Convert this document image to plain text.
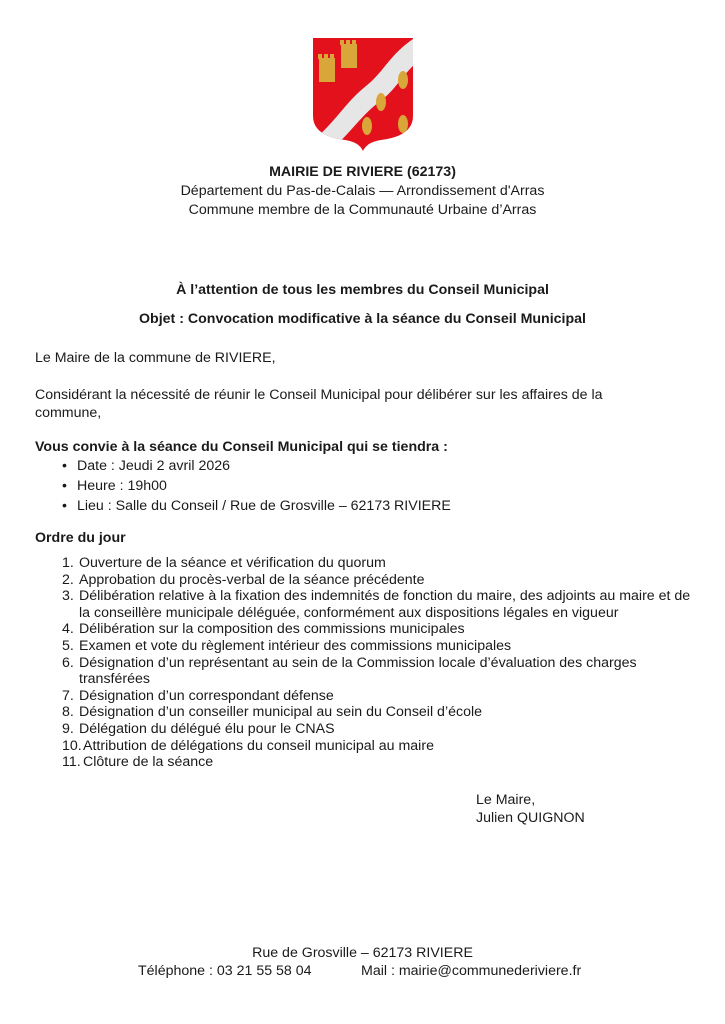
MAIRIE DE RIVIERE (62173)
Département du Pas-de-Calais — Arrondissement d'Arras
Commune membre de la Communauté Urbaine d’Arras
À l’attention de tous les membres du Conseil Municipal
Objet : Convocation modificative à la séance du Conseil Municipal
Le Maire de la commune de RIVIERE,
Considérant la nécessité de réunir le Conseil Municipal pour délibérer sur les affaires de la commune,
Vous convie à la séance du Conseil Municipal qui se tiendra :
• Date : Jeudi 2 avril 2026
• Heure : 19h00
• Lieu : Salle du Conseil / Rue de Grosville – 62173 RIVIERE
Ordre du jour
1. Ouverture de la séance et vérification du quorum
2. Approbation du procès-verbal de la séance précédente
3. Délibération relative à la fixation des indemnités de fonction du maire, des adjoints au maire et de la conseillère municipale déléguée, conformément aux dispositions légales en vigueur
4. Délibération sur la composition des commissions municipales
5. Examen et vote du règlement intérieur des commissions municipales
6. Désignation d’un représentant au sein de la Commission locale d’évaluation des charges transférées
7. Désignation d’un correspondant défense
8. Désignation d’un conseiller municipal au sein du Conseil d’école
9. Délégation du délégué élu pour le CNAS
10. Attribution de délégations du conseil municipal au maire
11. Clôture de la séance
Le Maire,
Julien QUIGNON
Rue de Grosville – 62173 RIVIERE
Téléphone : 03 21 55 58 04	Mail : mairie@communederiviere.fr
